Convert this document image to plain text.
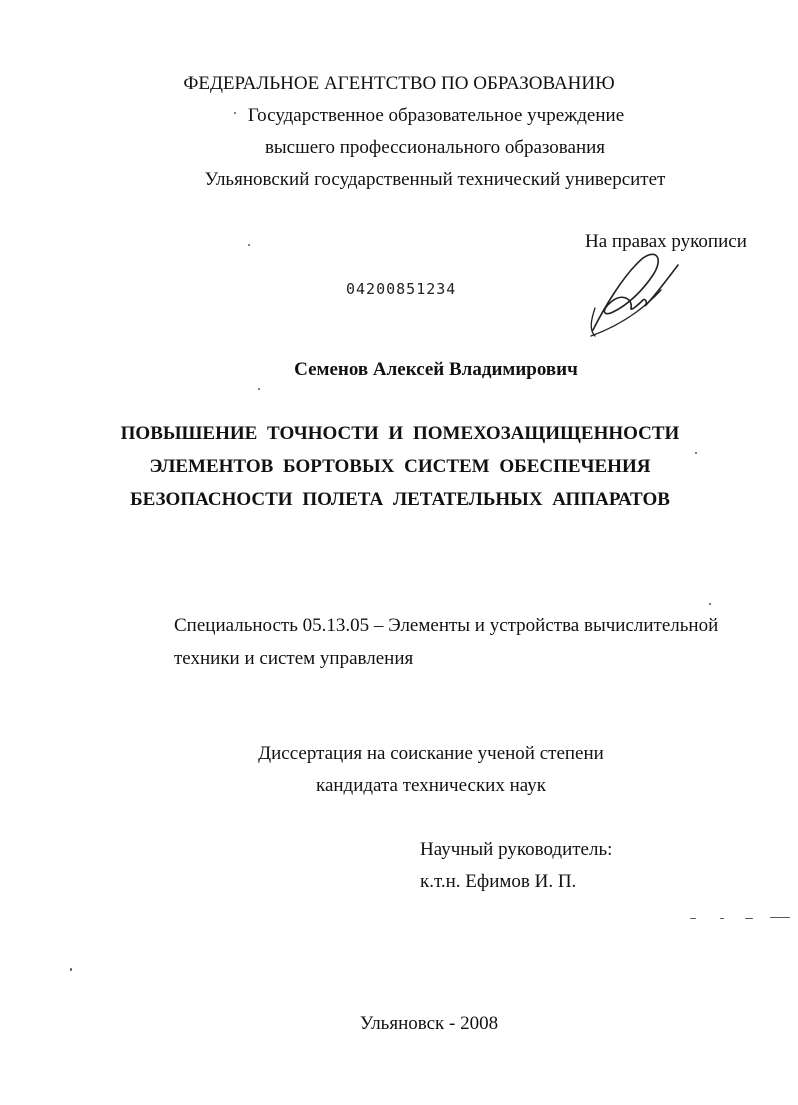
ФЕДЕРАЛЬНОЕ АГЕНТСТВО ПО ОБРАЗОВАНИЮ
Государственное образовательное учреждение
высшего профессионального образования
Ульяновский государственный технический университет
На правах рукописи
04200851234
Семенов Алексей Владимирович
ПОВЫШЕНИЕ ТОЧНОСТИ И ПОМЕХОЗАЩИЩЕННОСТИ
ЭЛЕМЕНТОВ БОРТОВЫХ СИСТЕМ ОБЕСПЕЧЕНИЯ
БЕЗОПАСНОСТИ ПОЛЕТА ЛЕТАТЕЛЬНЫХ АППАРАТОВ
Специальность 05.13.05 – Элементы и устройства вычислительной
техники и систем управления
Диссертация на соискание ученой степени
кандидата технических наук
Научный руководитель:
к.т.н. Ефимов И. П.
Ульяновск - 2008
